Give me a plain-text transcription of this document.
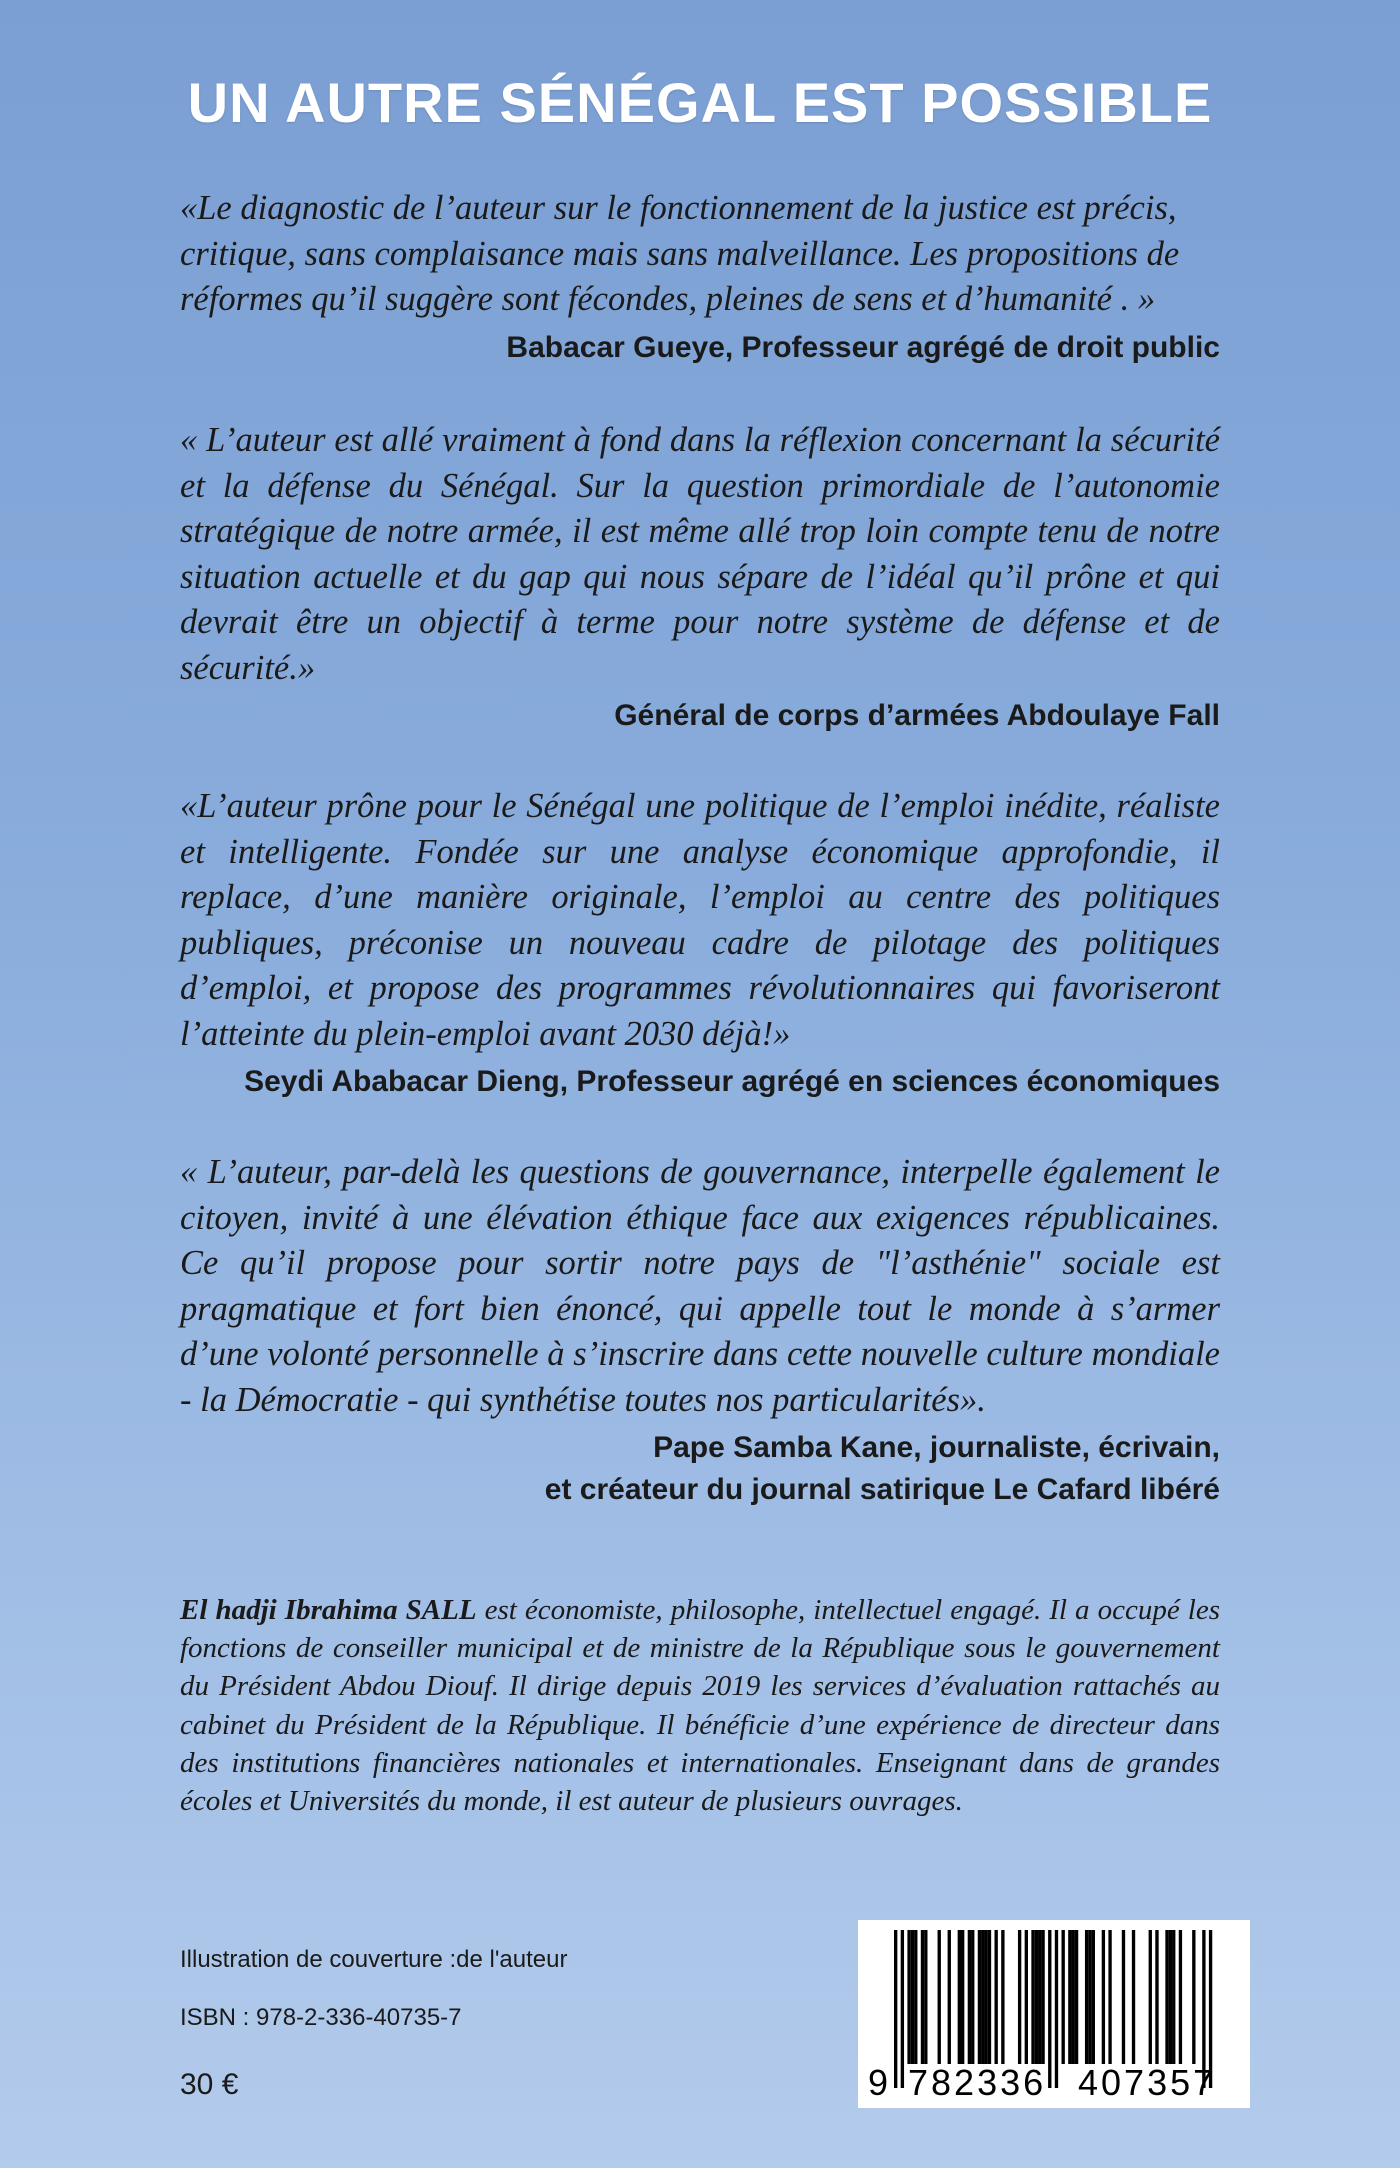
UN AUTRE SÉNÉGAL EST POSSIBLE

«Le diagnostic de l’auteur sur le fonctionnement de la justice est précis, critique, sans complaisance mais sans malveillance. Les propositions de réformes qu’il suggère sont fécondes, pleines de sens et d’humanité . »

Babacar Gueye, Professeur agrégé de droit public

« L’auteur est allé vraiment à fond dans la réflexion concernant la sécurité et la défense du Sénégal. Sur la question primordiale de l’autonomie stratégique de notre armée, il est même allé trop loin compte tenu de notre situation actuelle et du gap qui nous sépare de l’idéal qu’il prône et qui devrait être un objectif à terme pour notre système de défense et de sécurité.»

Général de corps d’armées Abdoulaye Fall

«L’auteur prône pour le Sénégal une politique de l’emploi inédite, réaliste et intelligente. Fondée sur une analyse économique approfondie, il replace, d’une manière originale, l’emploi au centre des politiques publiques, préconise un nouveau cadre de pilotage des politiques d’emploi, et propose des programmes révolutionnaires qui favoriseront l’atteinte du plein-emploi avant 2030 déjà!»

Seydi Ababacar Dieng, Professeur agrégé en sciences économiques

« L’auteur, par-delà les questions de gouvernance, interpelle également le citoyen, invité à une élévation éthique face aux exigences républicaines. Ce qu’il propose pour sortir notre pays de "l’asthénie" sociale est pragmatique et fort bien énoncé, qui appelle tout le monde à s’armer d’une volonté personnelle à s’inscrire dans cette nouvelle culture mondiale - la Démocratie - qui synthétise toutes nos particularités».

Pape Samba Kane, journaliste, écrivain,

et créateur du journal satirique Le Cafard libéré

El hadji Ibrahima SALL est économiste, philosophe, intellectuel engagé. Il a occupé les fonctions de conseiller municipal et de ministre de la République sous le gouvernement du Président Abdou Diouf. Il dirige depuis 2019 les services d’évaluation rattachés au cabinet du Président de la République. Il bénéficie d’une expérience de directeur dans des institutions financières nationales et internationales. Enseignant dans de grandes écoles et Universités du monde, il est auteur de plusieurs ouvrages.

Illustration de couverture :de l'auteur
ISBN : 978-2-336-40735-7
30 €	9 782336 407357
